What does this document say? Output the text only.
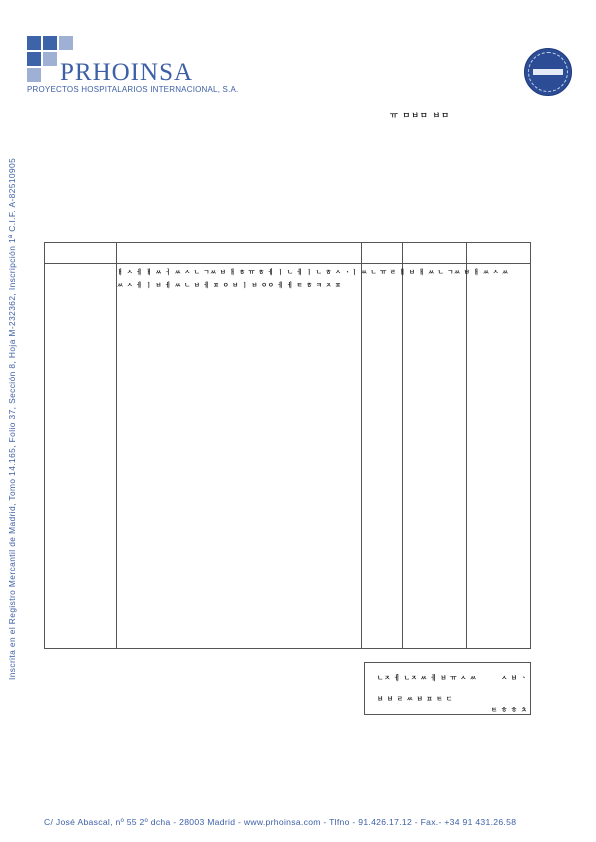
PRHOINSA
PROYECTOS HOSPITALARIOS INTERNACIONAL, S.A.
Inscrita en el Registro Mercantil de Madrid, Tomo 14.165, Folio 37, Sección 8, Hoja M-232362, Inscripción 1ª C.I.F. A-82510905
ㅠ ㅁㅂㅁ ㅂㅁ
ㅐ ㅅ ㅔ ㅐ ㅆ ㅓ ㅆ ㅅ ㄴ ㄱㅆ ㅂ ㅐ ㅎ ㅠ ㅎ ㅔ ㅣ ㄴ ㅔ ㅣ ㄴ ㅎ ㅅ ㆍㅣ ㅆ ㄴ ㅠ ㄹ ㅐ ㅂ ㅐ ㅆ ㄴ ㄱㅆ ㅂ ㅐ ㅆ ㅅ ㅆ
ㅆ ㅅ ㅔ ㅣ ㅂ ㅔ ㅆ ㄴ ㅂ ㅔ ㅍ ㅇ ㅂ ㅣ ㅂ ㅇㅇ ㅔ ㅔ ㅌ ㅎ ㅋ ㅈ ㅍ
ㄴㅈ ㅔ ㄴㅈ ㅆ ㅔ ㅂ ㅠ ㅅ ㅆ	ㅅ ㅂ ㆍ
ㅂ ㅂ ㄹ ㅆ ㅂ ㅍ ㅌ ㄷ
ㅌ ㅎ ㅎ ㅊ
C/ José Abascal, nº 55 2º dcha - 28003 Madrid - www.prhoinsa.com - Tlfno - 91.426.17.12 - Fax.- +34 91 431.26.58
